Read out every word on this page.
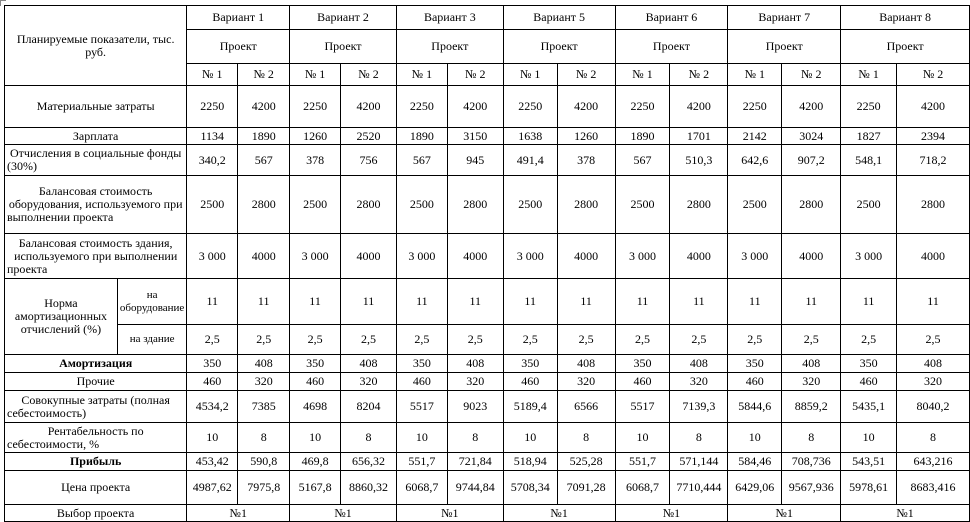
Планируемые показатели, тыс. руб.		Вариант 1		Вариант 2		Вариант 3		Вариант 5		Вариант 6		Вариант 7		Вариант 8	
		Проект		Проект		Проект		Проект		Проект		Проект		Проект	
		№ 1	№ 2	№ 1	№ 2	№ 1	№ 2	№ 1	№ 2	№ 1	№ 2	№ 1	№ 2	№ 1	№ 2
Материальные затраты		2250	4200	2250	4200	2250	4200	2250	4200	2250	4200	2250	4200	2250	4200
Зарплата		1134	1890	1260	2520	1890	3150	1638	1260	1890	1701	2142	3024	1827	2394
Отчисления в социальные фонды (30%)		340,2	567	378	756	567	945	491,4	378	567	510,3	642,6	907,2	548,1	718,2
Балансовая стоимость оборудования, используемого при выполнении проекта		2500	2800	2500	2800	2500	2800	2500	2800	2500	2800	2500	2800	2500	2800
Балансовая стоимость здания, используемого при выполнении проекта		3 000	4000	3 000	4000	3 000	4000	3 000	4000	3 000	4000	3 000	4000	3 000	4000
Норма амортизационных отчислений (%)	на оборудование	11	11	11	11	11	11	11	11	11	11	11	11	11	11
	на здание	2,5	2,5	2,5	2,5	2,5	2,5	2,5	2,5	2,5	2,5	2,5	2,5	2,5	2,5
Амортизация		350	408	350	408	350	408	350	408	350	408	350	408	350	408
Прочие		460	320	460	320	460	320	460	320	460	320	460	320	460	320
Совокупные затраты (полная себестоимость)		4534,2	7385	4698	8204	5517	9023	5189,4	6566	5517	7139,3	5844,6	8859,2	5435,1	8040,2
Рентабельность по себестоимости, %		10	8	10	8	10	8	10	8	10	8	10	8	10	8
Прибыль		453,42	590,8	469,8	656,32	551,7	721,84	518,94	525,28	551,7	571,144	584,46	708,736	543,51	643,216
Цена проекта		4987,62	7975,8	5167,8	8860,32	6068,7	9744,84	5708,34	7091,28	6068,7	7710,444	6429,06	9567,936	5978,61	8683,416
Выбор проекта		№1		№1		№1		№1		№1		№1		№1	
